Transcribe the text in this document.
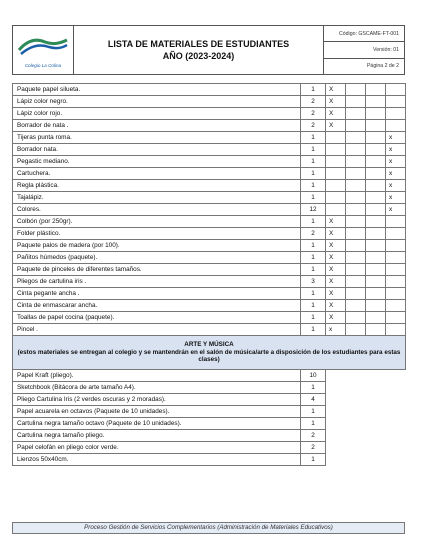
Colegio La Colina
LISTA DE MATERIALES DE ESTUDIANTES
AÑO (2023-2024)
Código: GSCAME-FT-001
Versión: 01
Página 2 de 2
Paquete papel silueta.	1	X			
Lápiz color negro.	2	X			
Lápiz color rojo.	2	X			
Borrador de nata .	2	X			
Tijeras punta roma.	1				x
Borrador nata.	1				x
Pegastic mediano.	1				x
Cartuchera.	1				x
Regla plástica.	1				x
Tajalápiz.	1				x
Colores.	12				x
Colbón (por 250gr).	1	X			
Folder plástico.	2	X			
Paquete palos de madera (por 100).	1	X			
Pañitos húmedos (paquete).	1	X			
Paquete de pinceles de diferentes tamaños.	1	X			
Pliegos de cartulina iris .	3	X			
Cinta pegante ancha .	1	X			
Cinta de enmascarar ancha.	1	X			
Toallas de papel cocina (paquete).	1	X			
Pincel .	1	x			

ARTE Y MÚSICA
(estos materiales se entregan al colegio y se mantendrán en el salón de música/arte a disposición de los estudiantes para estas clases)					

Papel Kraft (pliego).	10				
Sketchbook (Bitácora de arte tamaño A4).	1				
Pliego Cartulina Iris (2 verdes oscuras y 2 moradas).	4				
Papel acuarela en octavos (Paquete de 10 unidades).	1				
Cartulina negra tamaño octavo (Paquete de 10 unidades).	1				
Cartulina negra tamaño pliego.	2				
Papel celofán en pliego color verde.	2				
Lienzos 50x40cm.	1				
Proceso Gestión de Servicios Complementarios (Administración de Materiales Educativos)
